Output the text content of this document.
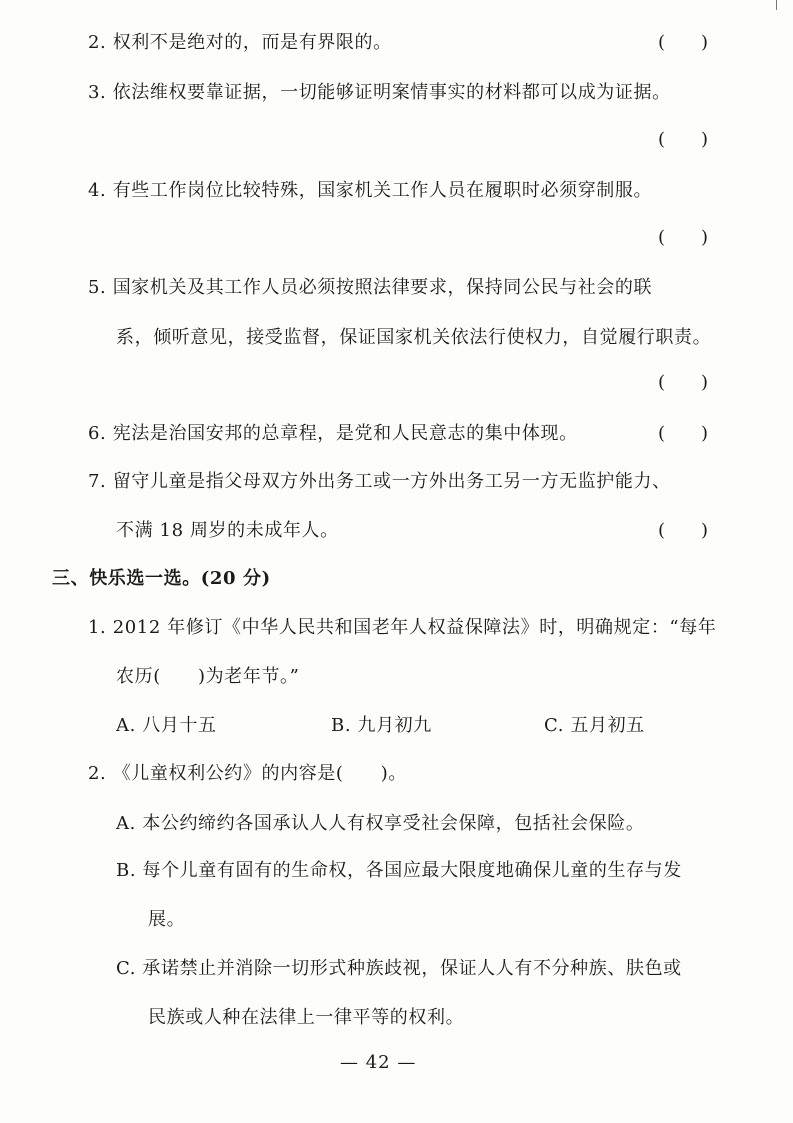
2. 权利不是绝对的，而是有界限的。	(　　)
3. 依法维权要靠证据，一切能够证明案情事实的材料都可以成为证据。
(　　)
4. 有些工作岗位比较特殊，国家机关工作人员在履职时必须穿制服。
(　　)
5. 国家机关及其工作人员必须按照法律要求，保持同公民与社会的联
系，倾听意见，接受监督，保证国家机关依法行使权力，自觉履行职责。
(　　)
6. 宪法是治国安邦的总章程，是党和人民意志的集中体现。	(　　)
7. 留守儿童是指父母双方外出务工或一方外出务工另一方无监护能力、
不满 18 周岁的未成年人。	(　　)
三、快乐选一选。(20 分)
1. 2012 年修订《中华人民共和国老年人权益保障法》时，明确规定：“每年
农历(　　)为老年节。”
A. 八月十五	B. 九月初九	C. 五月初五
2. 《儿童权利公约》的内容是(　　)。
A. 本公约缔约各国承认人人有权享受社会保障，包括社会保险。
B. 每个儿童有固有的生命权，各国应最大限度地确保儿童的生存与发
展。
C. 承诺禁止并消除一切形式种族歧视，保证人人有不分种族、肤色或
民族或人种在法律上一律平等的权利。
— 42 —
